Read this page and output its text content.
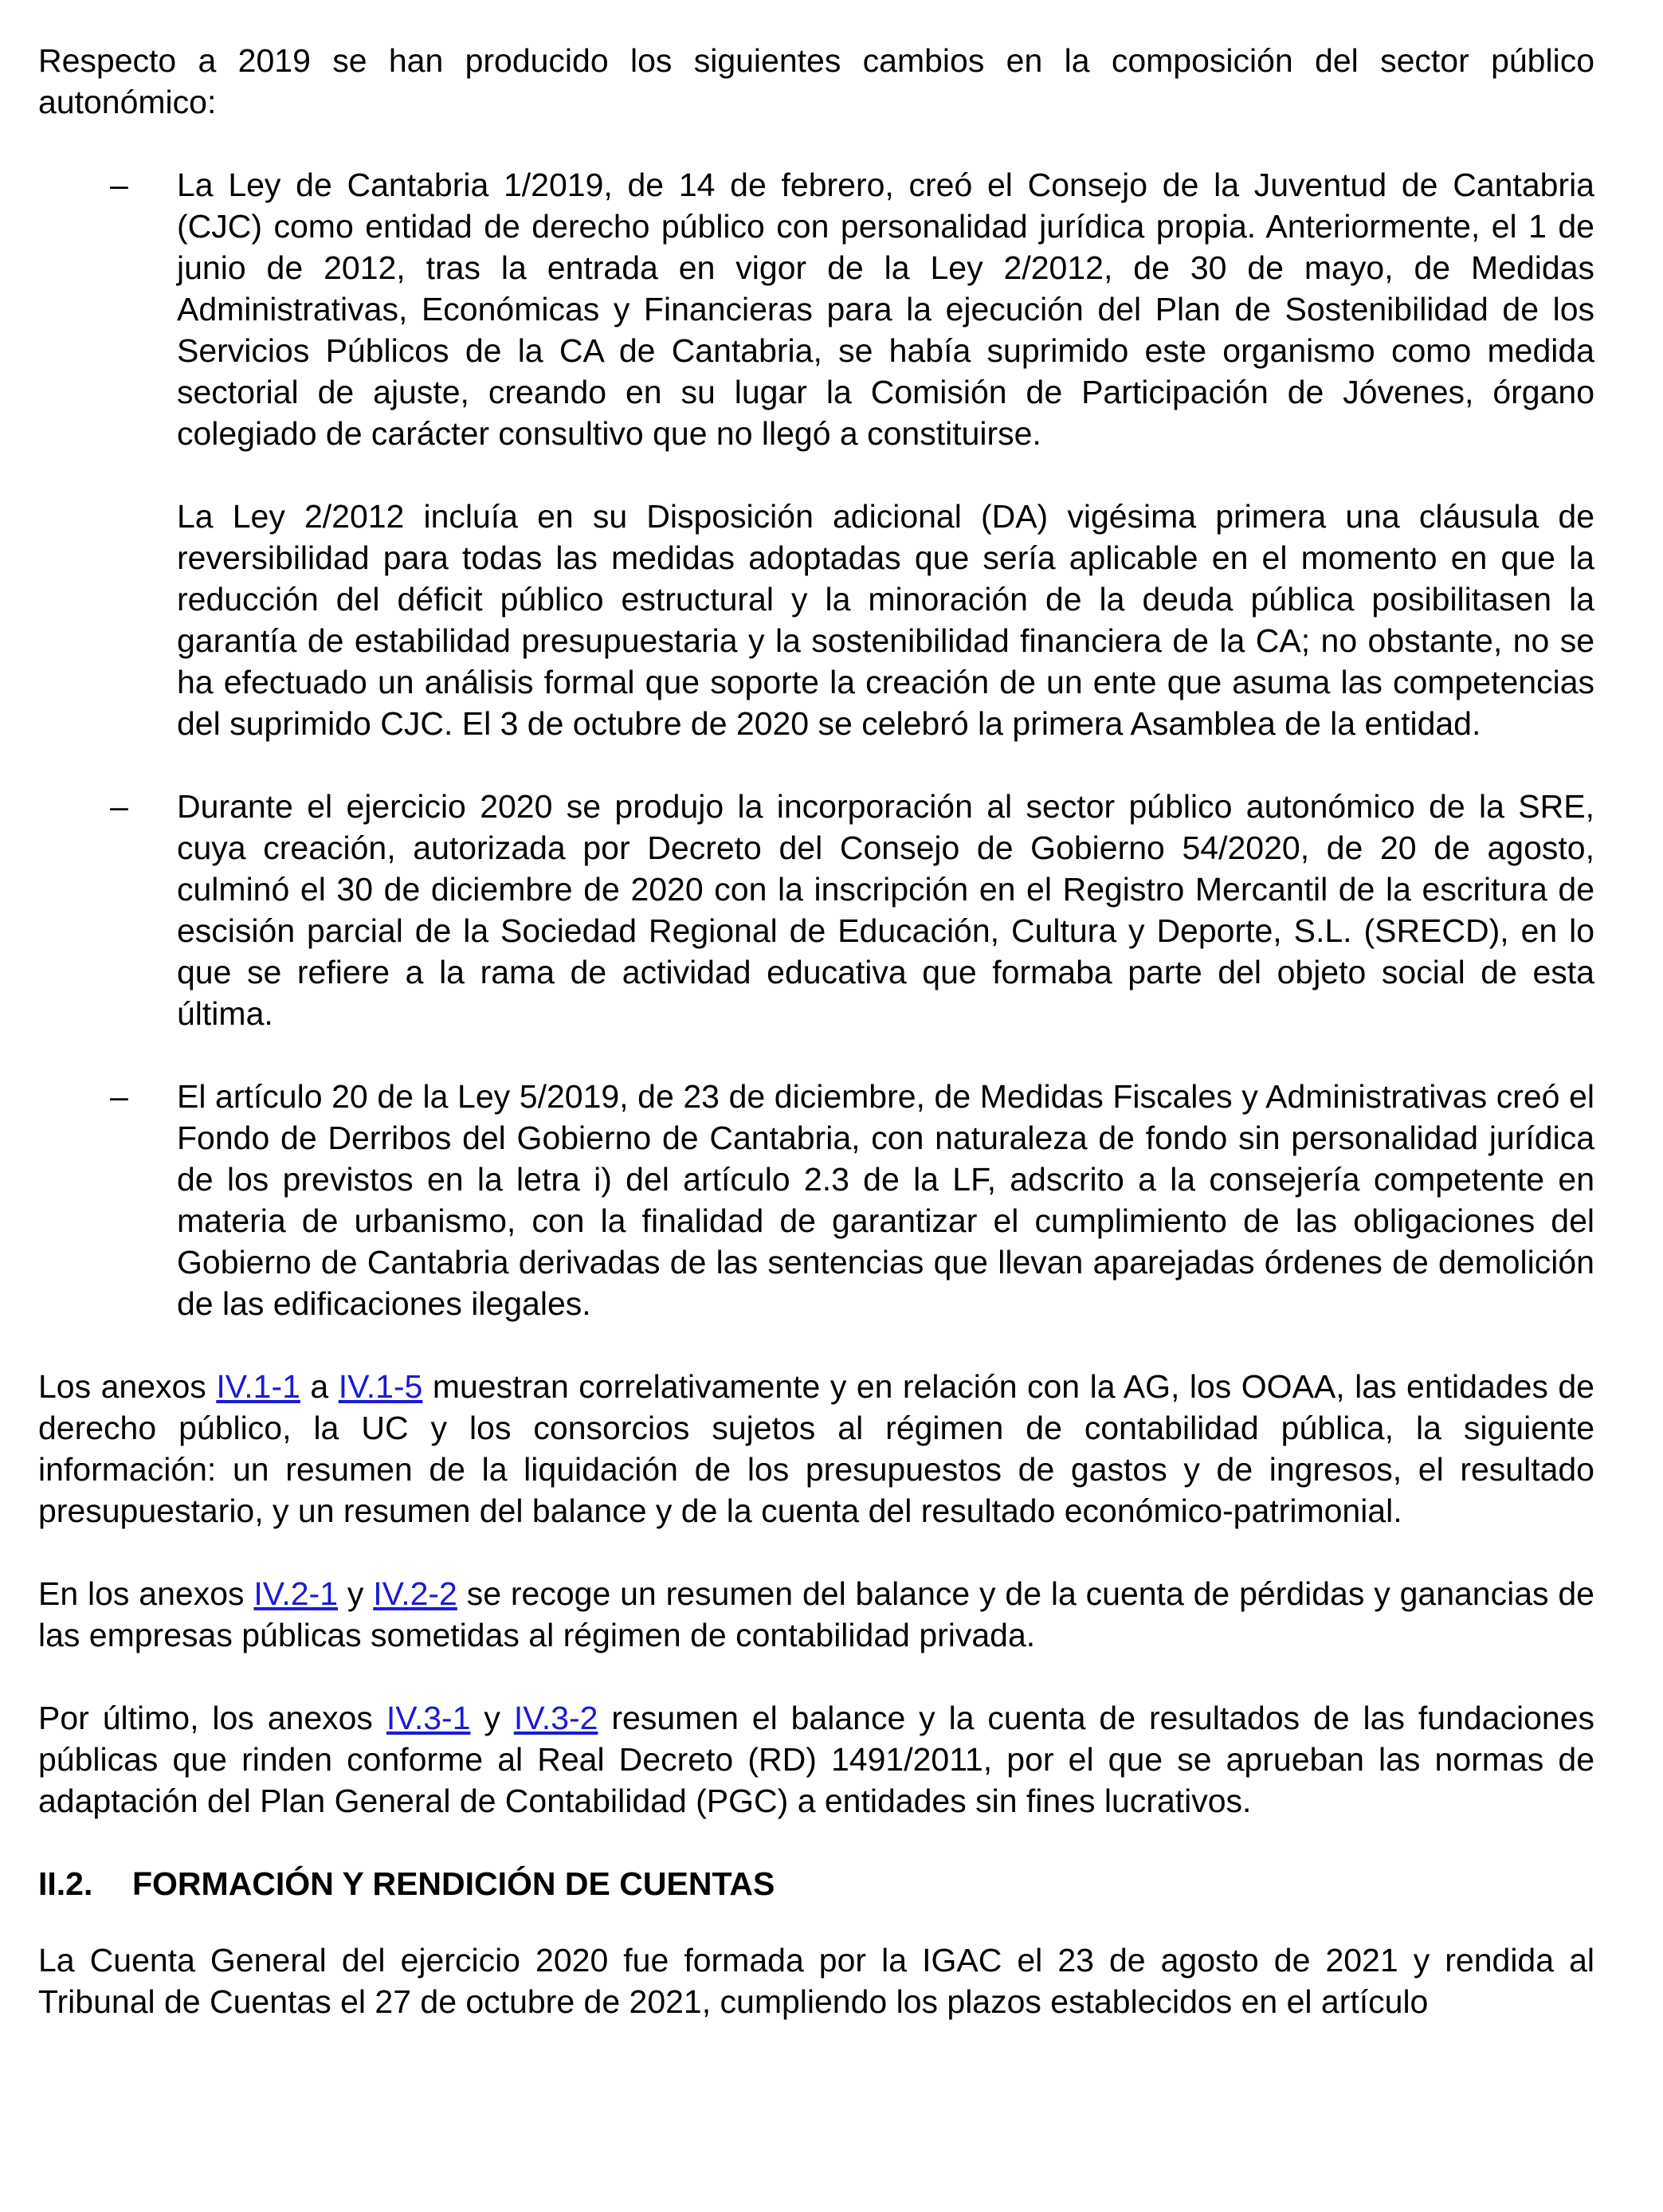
Respecto a 2019 se han producido los siguientes cambios en la composición del sector público autonómico:

– La Ley de Cantabria 1/2019, de 14 de febrero, creó el Consejo de la Juventud de Cantabria (CJC) como entidad de derecho público con personalidad jurídica propia. Anteriormente, el 1 de junio de 2012, tras la entrada en vigor de la Ley 2/2012, de 30 de mayo, de Medidas Administrativas, Económicas y Financieras para la ejecución del Plan de Sostenibilidad de los Servicios Públicos de la CA de Cantabria, se había suprimido este organismo como medida sectorial de ajuste, creando en su lugar la Comisión de Participación de Jóvenes, órgano colegiado de carácter consultivo que no llegó a constituirse.

La Ley 2/2012 incluía en su Disposición adicional (DA) vigésima primera una cláusula de reversibilidad para todas las medidas adoptadas que sería aplicable en el momento en que la reducción del déficit público estructural y la minoración de la deuda pública posibilitasen la garantía de estabilidad presupuestaria y la sostenibilidad financiera de la CA; no obstante, no se ha efectuado un análisis formal que soporte la creación de un ente que asuma las competencias del suprimido CJC. El 3 de octubre de 2020 se celebró la primera Asamblea de la entidad.

– Durante el ejercicio 2020 se produjo la incorporación al sector público autonómico de la SRE, cuya creación, autorizada por Decreto del Consejo de Gobierno 54/2020, de 20 de agosto, culminó el 30 de diciembre de 2020 con la inscripción en el Registro Mercantil de la escritura de escisión parcial de la Sociedad Regional de Educación, Cultura y Deporte, S.L. (SRECD), en lo que se refiere a la rama de actividad educativa que formaba parte del objeto social de esta última.

– El artículo 20 de la Ley 5/2019, de 23 de diciembre, de Medidas Fiscales y Administrativas creó el Fondo de Derribos del Gobierno de Cantabria, con naturaleza de fondo sin personalidad jurídica de los previstos en la letra i) del artículo 2.3 de la LF, adscrito a la consejería competente en materia de urbanismo, con la finalidad de garantizar el cumplimiento de las obligaciones del Gobierno de Cantabria derivadas de las sentencias que llevan aparejadas órdenes de demolición de las edificaciones ilegales.

Los anexos IV.1-1 a IV.1-5 muestran correlativamente y en relación con la AG, los OOAA, las entidades de derecho público, la UC y los consorcios sujetos al régimen de contabilidad pública, la siguiente información: un resumen de la liquidación de los presupuestos de gastos y de ingresos, el resultado presupuestario, y un resumen del balance y de la cuenta del resultado económico-patrimonial.

En los anexos IV.2-1 y IV.2-2 se recoge un resumen del balance y de la cuenta de pérdidas y ganancias de las empresas públicas sometidas al régimen de contabilidad privada.

Por último, los anexos IV.3-1 y IV.3-2 resumen el balance y la cuenta de resultados de las fundaciones públicas que rinden conforme al Real Decreto (RD) 1491/2011, por el que se aprueban las normas de adaptación del Plan General de Contabilidad (PGC) a entidades sin fines lucrativos.

II.2. FORMACIÓN Y RENDICIÓN DE CUENTAS

La Cuenta General del ejercicio 2020 fue formada por la IGAC el 23 de agosto de 2021 y rendida al Tribunal de Cuentas el 27 de octubre de 2021, cumpliendo los plazos establecidos en el artículo
